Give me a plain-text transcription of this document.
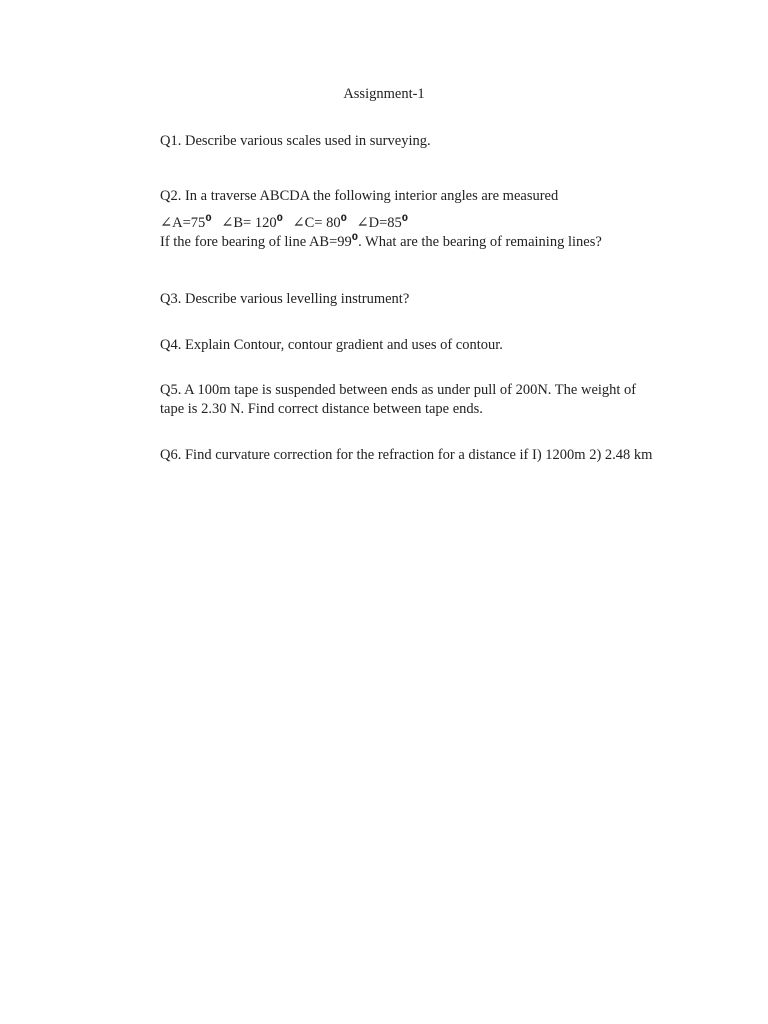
Assignment-1
Q1. Describe various scales used in surveying.
Q2. In a traverse ABCDA the following interior angles are measured
$\angle A=75^0$ ∠B= $120^0$ ∠C= $80^0$ $\angle D=85^0$
If the fore bearing of line $AB=99^0$. What are the bearing of remaining lines?
Q3. Describe various levelling instrument?
Q4. Explain Contour, contour gradient and uses of contour.
Q5. A 100m tape is suspended between ends as under pull of 200N. The weight of
tape is 2.30 N. Find correct distance between tape ends.
Q6. Find curvature correction for the refraction for a distance if I) 1200m 2) 2.48 km
